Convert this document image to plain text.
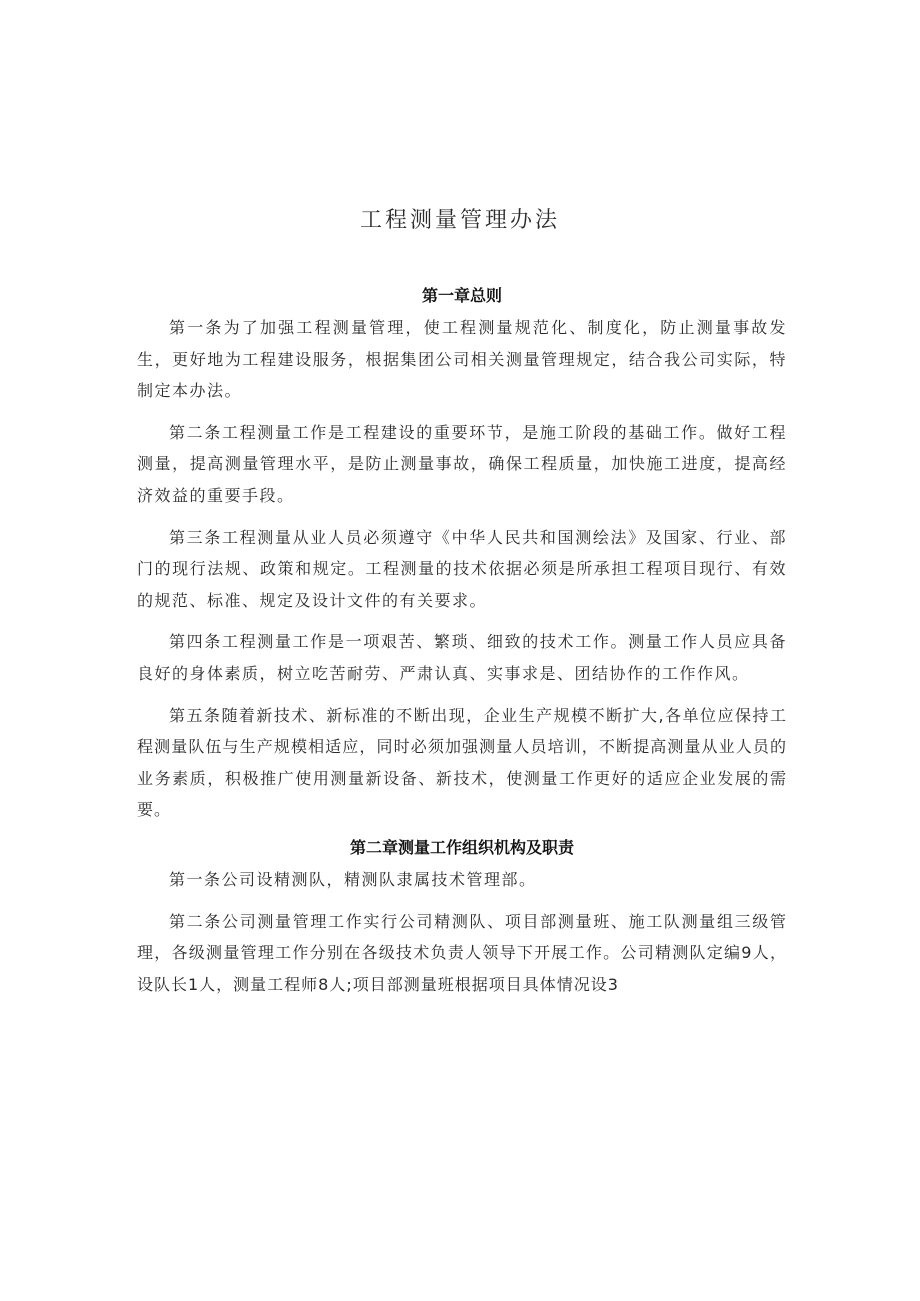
工程测量管理办法
第一章总则

第一条为了加强工程测量管理，使工程测量规范化、制度化，防止测量事故发生，更好地为工程建设服务，根据集团公司相关测量管理规定，结合我公司实际，特制定本办法。

第二条工程测量工作是工程建设的重要环节，是施工阶段的基础工作。做好工程测量，提高测量管理水平，是防止测量事故，确保工程质量，加快施工进度，提高经济效益的重要手段。

第三条工程测量从业人员必须遵守《中华人民共和国测绘法》及国家、行业、部门的现行法规、政策和规定。工程测量的技术依据必须是所承担工程项目现行、有效的规范、标准、规定及设计文件的有关要求。

第四条工程测量工作是一项艰苦、繁琐、细致的技术工作。测量工作人员应具备良好的身体素质，树立吃苦耐劳、严肃认真、实事求是、团结协作的工作作风。

第五条随着新技术、新标准的不断出现，企业生产规模不断扩大,各单位应保持工程测量队伍与生产规模相适应，同时必须加强测量人员培训，不断提高测量从业人员的业务素质，积极推广使用测量新设备、新技术，使测量工作更好的适应企业发展的需要。

第二章测量工作组织机构及职责

第一条公司设精测队，精测队隶属技术管理部。

第二条公司测量管理工作实行公司精测队、项目部测量班、施工队测量组三级管理，各级测量管理工作分别在各级技术负责人领导下开展工作。公司精测队定编9人，设队长1人，测量工程师8人;项目部测量班根据项目具体情况设3
